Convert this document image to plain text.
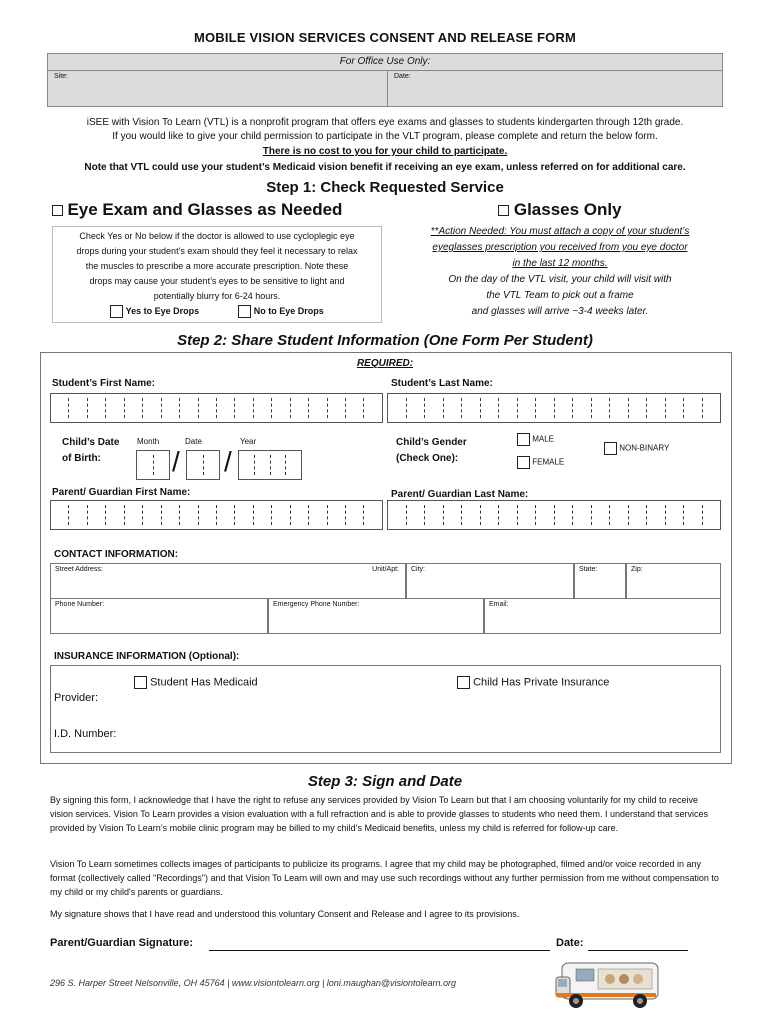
MOBILE VISION SERVICES CONSENT AND RELEASE FORM
For Office Use Only:
Site:	Date:
iSEE with Vision To Learn (VTL) is a nonprofit program that offers eye exams and glasses to students kindergarten through 12th grade.
If you would like to give your child permission to participate in the VLT program, please complete and return the below form.
There is no cost to you for your child to participate.
Note that VTL could use your student’s Medicaid vision benefit if receiving an eye exam, unless referred on for additional care.
Step 1: Check Requested Service
Eye Exam and Glasses as Needed
Check Yes or No below if the doctor is allowed to use cycloplegic eye
drops during your student’s exam should they feel it necessary to relax
the muscles to prescribe a more accurate prescription. Note these
drops may cause your student’s eyes to be sensitive to light and
potentially blurry for 6-24 hours.
Yes to Eye Drops	No to Eye Drops
Glasses Only
**Action Needed: You must attach a copy of your student’s
eyeglasses prescription you received from you eye doctor
in the last 12 months.
On the day of the VTL visit, your child will visit with
the VTL Team to pick out a frame
and glasses will arrive ~3-4 weeks later.
Step 2: Share Student Information (One Form Per Student)
REQUIRED:
Student’s First Name:	Student’s Last Name:
Child’s Date
of Birth:
Month	Date	Year
/ /
Child’s Gender
(Check One):
MALE
FEMALE
NON-BINARY
Parent/ Guardian First Name:	Parent/ Guardian Last Name:
CONTACT INFORMATION:
Street Address:	Unit/Apt:	City:	State:	Zip:
Phone Number:	Emergency Phone Number:	Email:
INSURANCE INFORMATION (Optional):
Student Has Medicaid	Child Has Private Insurance
Provider:
I.D. Number:
Step 3: Sign and Date
By signing this form, I acknowledge that I have the right to refuse any services provided by Vision To Learn but that I am choosing voluntarily for my child to receive vision services. Vision To Learn provides a vision evaluation with a full refraction and is able to provide glasses to students who need them. I understand that services provided by Vision To Learn’s mobile clinic program may be billed to my child’s Medicaid benefits, unless my child is referred for follow-up care.
Vision To Learn sometimes collects images of participants to publicize its programs. I agree that my child may be photographed, filmed and/or voice recorded in any format (collectively called "Recordings") and that Vision To Learn will own and may use such recordings without any further permission from me without compensation to my child or my child's parents or guardians.
My signature shows that I have read and understood this voluntary Consent and Release and I agree to its provisions.
Parent/Guardian Signature:	Date:
296 S. Harper Street Nelsonville, OH 45764 | www.visiontolearn.org | loni.maughan@visiontolearn.org
